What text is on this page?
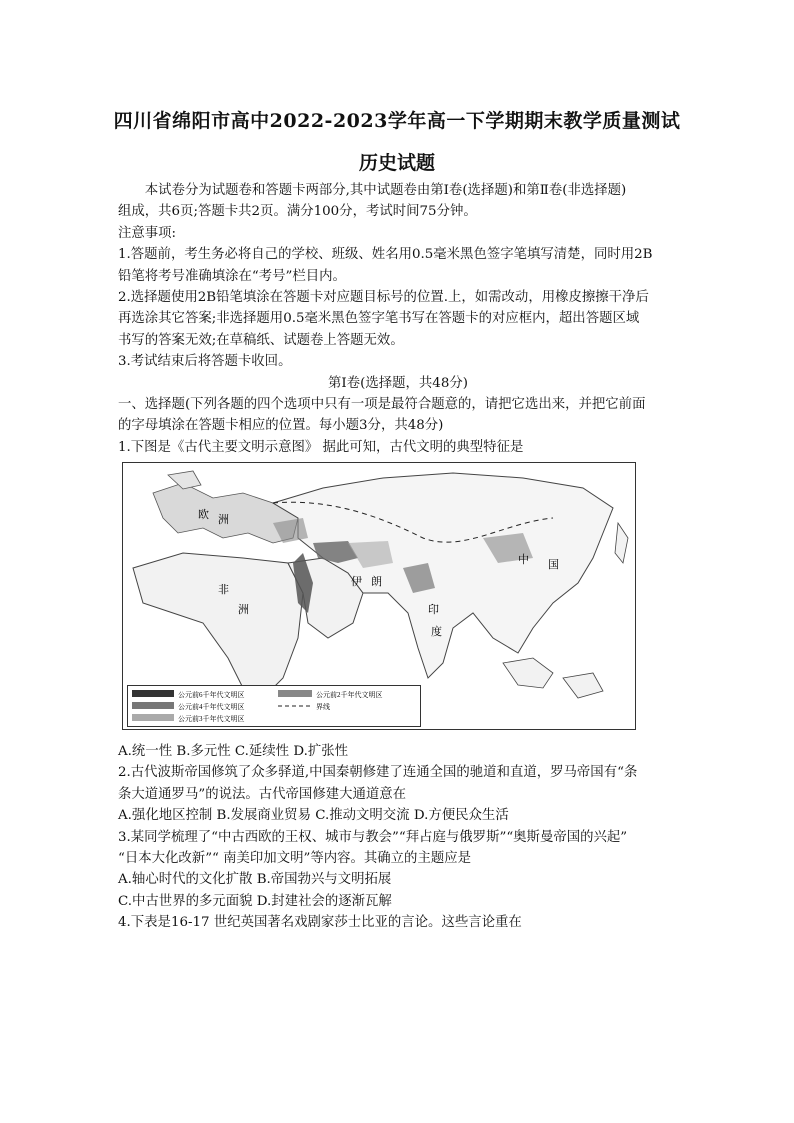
四川省绵阳市高中2022-2023学年高一下学期期末教学质量测试
历史试题

本试卷分为试题卷和答题卡两部分,其中试题卷由第Ⅰ卷(选择题)和第Ⅱ卷(非选择题)

组成，共6页;答题卡共2页。满分100分，考试时间75分钟。

注意事项:

1.答题前，考生务必将自己的学校、班级、姓名用0.5毫米黑色签字笔填写清楚，同时用2B

铅笔将考号准确填涂在“考号”栏目内。

2.选择题使用2B铅笔填涂在答题卡对应题目标号的位置.上，如需改动，用橡皮擦擦干净后

再选涂其它答案;非选择题用0.5毫米黑色签字笔书写在答题卡的对应框内，超出答题区域

书写的答案无效;在草稿纸、试题卷上答题无效。

3.考试结束后将答题卡收回。

第Ⅰ卷(选择题，共48分)

一、选择题(下列各题的四个选项中只有一项是最符合题意的，请把它选出来，并把它前面

的字母填涂在答题卡相应的位置。每小题3分，共48分)

1.下图是《古代主要文明示意图》 据此可知，古代文明的典型特征是

中 国
印
度
伊 朗
非
洲
欧 洲
公元前6千年代文明区
公元前4千年代文明区
公元前3千年代文明区
公元前2千年代文明区
界线

A.统一性 B.多元性 C.延续性 D.扩张性

2.古代波斯帝国修筑了众多驿道,中国秦朝修建了连通全国的驰道和直道，罗马帝国有“条

条大道通罗马”的说法。古代帝国修建大通道意在

A.强化地区控制 B.发展商业贸易 C.推动文明交流 D.方便民众生活

3.某同学梳理了“中古西欧的王权、城市与教会”“拜占庭与俄罗斯”“奥斯曼帝国的兴起”

“日本大化改新”“ 南美印加文明”等内容。其确立的主题应是

A.轴心时代的文化扩散 B.帝国勃兴与文明拓展

C.中古世界的多元面貌 D.封建社会的逐渐瓦解

4.下表是16-17 世纪英国著名戏剧家莎士比亚的言论。这些言论重在
